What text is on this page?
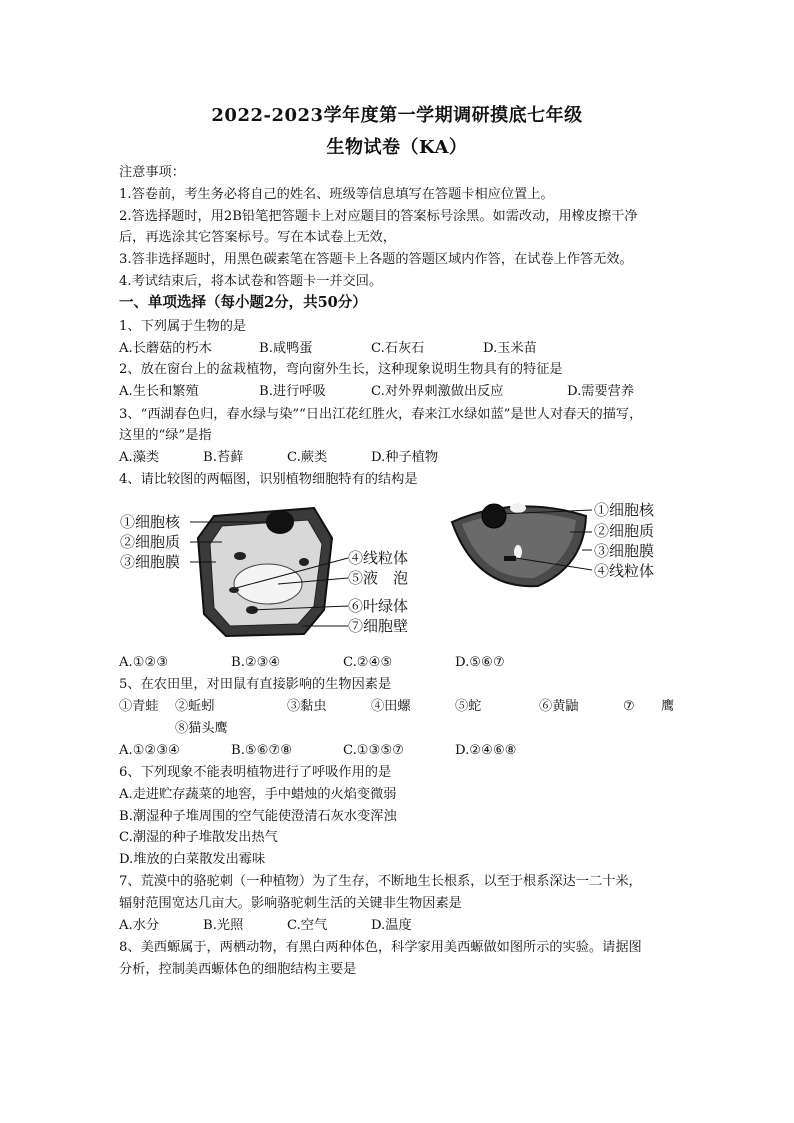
2022-2023学年度第一学期调研摸底七年级
生物试卷（KA）
注意事项：
1.答卷前，考生务必将自己的姓名、班级等信息填写在答题卡相应位置上。
2.答选择题时，用2B铅笔把答题卡上对应题目的答案标号涂黑。如需改动，用橡皮擦干净
后，再选涂其它答案标号。写在本试卷上无效，
3.答非选择题时，用黑色碳素笔在答题卡上各题的答题区域内作答，在试卷上作答无效。
4.考试结束后，将本试卷和答题卡一并交回。
一、单项选择（每小题2分，共50分）
1、下列属于生物的是
A.长蘑菇的朽木	B.咸鸭蛋	C.石灰石	D.玉米苗
2、放在窗台上的盆栽植物，弯向窗外生长，这种现象说明生物具有的特征是
A.生长和繁殖	B.进行呼吸	C.对外界刺激做出反应	D.需要营养
3、“西湖春色归，春水绿与染”“日出江花红胜火，春来江水绿如蓝”是世人对春天的描写，
这里的“绿”是指
A.藻类	B.苔藓	C.蕨类	D.种子植物
4、请比较图的两幅图，识别植物细胞特有的结构是
①细胞核
②细胞质
③细胞膜	④线粒体
⑤液　泡
⑥叶绿体
⑦细胞壁
①细胞核
②细胞质
③细胞膜
④线粒体
A.①②③	B.②③④	C.②④⑤	D.⑤⑥⑦
5、在农田里，对田鼠有直接影响的生物因素是
①青蛙 ②蚯蚓	③黏虫	④田螺	⑤蛇	⑥黄鼬	⑦ 鹰
⑧猫头鹰
A.①②③④	B.⑤⑥⑦⑧	C.①③⑤⑦	D.②④⑥⑧
6、下列现象不能表明植物进行了呼吸作用的是
A.走进贮存蔬菜的地窖，手中蜡烛的火焰变微弱
B.潮湿种子堆周围的空气能使澄清石灰水变浑浊
C.潮湿的种子堆散发出热气
D.堆放的白菜散发出霉味
7、荒漠中的骆驼刺（一种植物）为了生存，不断地生长根系，以至于根系深达一二十米，
辐射范围宽达几亩大。影响骆驼刺生活的关键非生物因素是
A.水分	B.光照	C.空气	D.温度
8、美西螈属于，两栖动物，有黑白两种体色，科学家用美西螈做如图所示的实验。请据图
分析，控制美西螈体色的细胞结构主要是
